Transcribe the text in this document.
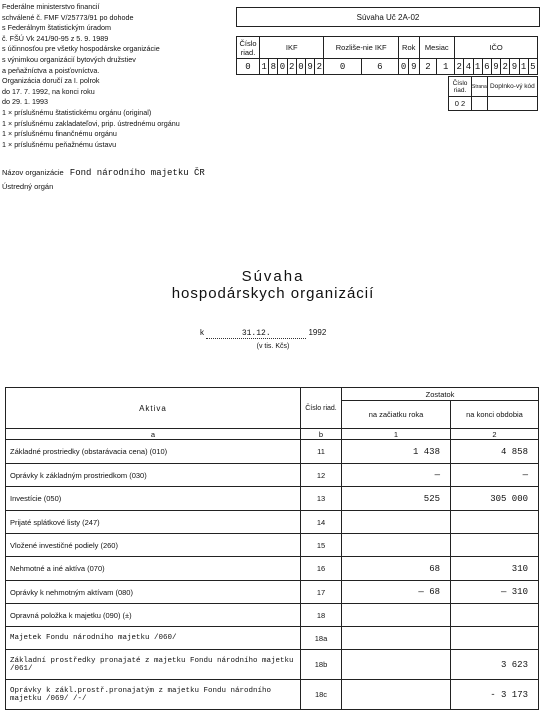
Federálne ministerstvo financií
schválené č. FMF V/25773/91 po dohode
s Federálnym štatistickým úradom
č. FŠÚ Vk 241/90-95 z 5. 9. 1989
s účinnosťou pre všetky hospodárske organizácie
s výnimkou organizácií bytových družstiev
a peňažníctva a poisťovníctva.
Organizácia doručí za I. polrok
do 17. 7. 1992, na konci roku
do 29. 1. 1993
1 × príslušnému štatistickému orgánu (original)
1 × príslušnému zakladateľovi, prip. ústrednému orgánu
1 × príslušnému finančnému orgánu
1 × príslušnému peňažnému ústavu
Názov organizácie Fond národního majetku ČR
Ústredný orgán
Súvaha Uč 2A-02
Číslo riad.	IKF							Rozliše-nie IKF		Rok		Mesiac		IČO								
0	1	8	0	2	0	9	2	0	6	0	9	2	1	2	4	1	6	9	2	9	1	5
Číslo riad.	Strana	Doplnko-vý kód
0 2		
Súvaha
hospodárskych organizácií
k	31.12.	1992
(v tis. Kčs)
Aktiva	Číslo riad.	Zostatok	
		na začiatku roka	na konci obdobia
a	b	1	2
Základné prostriedky (obstarávacia cena) (010)	11	1 438	4 858
Oprávky k základným prostriedkom (030)	12	—	—
Investície (050)	13	525	305 000
Prijaté splátkové listy (247)	14		
Vložené investičné podiely (260)	15		
Nehmotné a iné aktíva (070)	16	68	310
Oprávky k nehmotným aktívam (080)	17	— 68	— 310
Opravná položka k majetku (090) (±)	18		
Majetek Fondu národního majetku /060/	18a		
Základní prostředky pronajaté z majetku Fondu národního majetku /061/	18b		3 623
Oprávky k zákl.prostř.pronajatým z majetku Fondu národního majetku /069/ /-/	18c		- 3 173
